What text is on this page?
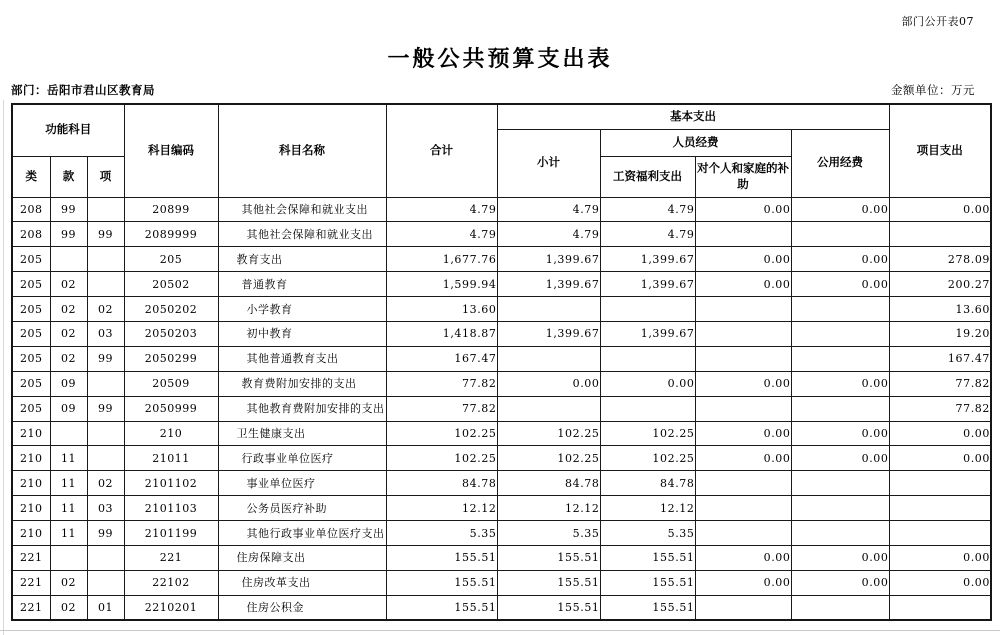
部门公开表07
一般公共预算支出表
部门：岳阳市君山区教育局	金额单位：万元
功能科目			科目编码	科目名称	合计	基本支出				项目支出
						小计	人员经费		公用经费	
类	款	项					工资福利支出	对个人和家庭的补助		
208	99		20899	其他社会保障和就业支出	4.79	4.79	4.79	0.00	0.00	0.00
208	99	99	2089999	其他社会保障和就业支出	4.79	4.79	4.79			
205			205	教育支出	1,677.76	1,399.67	1,399.67	0.00	0.00	278.09
205	02		20502	普通教育	1,599.94	1,399.67	1,399.67	0.00	0.00	200.27
205	02	02	2050202	小学教育	13.60					13.60
205	02	03	2050203	初中教育	1,418.87	1,399.67	1,399.67			19.20
205	02	99	2050299	其他普通教育支出	167.47					167.47
205	09		20509	教育费附加安排的支出	77.82	0.00	0.00	0.00	0.00	77.82
205	09	99	2050999	其他教育费附加安排的支出	77.82					77.82
210			210	卫生健康支出	102.25	102.25	102.25	0.00	0.00	0.00
210	11		21011	行政事业单位医疗	102.25	102.25	102.25	0.00	0.00	0.00
210	11	02	2101102	事业单位医疗	84.78	84.78	84.78			
210	11	03	2101103	公务员医疗补助	12.12	12.12	12.12			
210	11	99	2101199	其他行政事业单位医疗支出	5.35	5.35	5.35			
221			221	住房保障支出	155.51	155.51	155.51	0.00	0.00	0.00
221	02		22102	住房改革支出	155.51	155.51	155.51	0.00	0.00	0.00
221	02	01	2210201	住房公积金	155.51	155.51	155.51			
